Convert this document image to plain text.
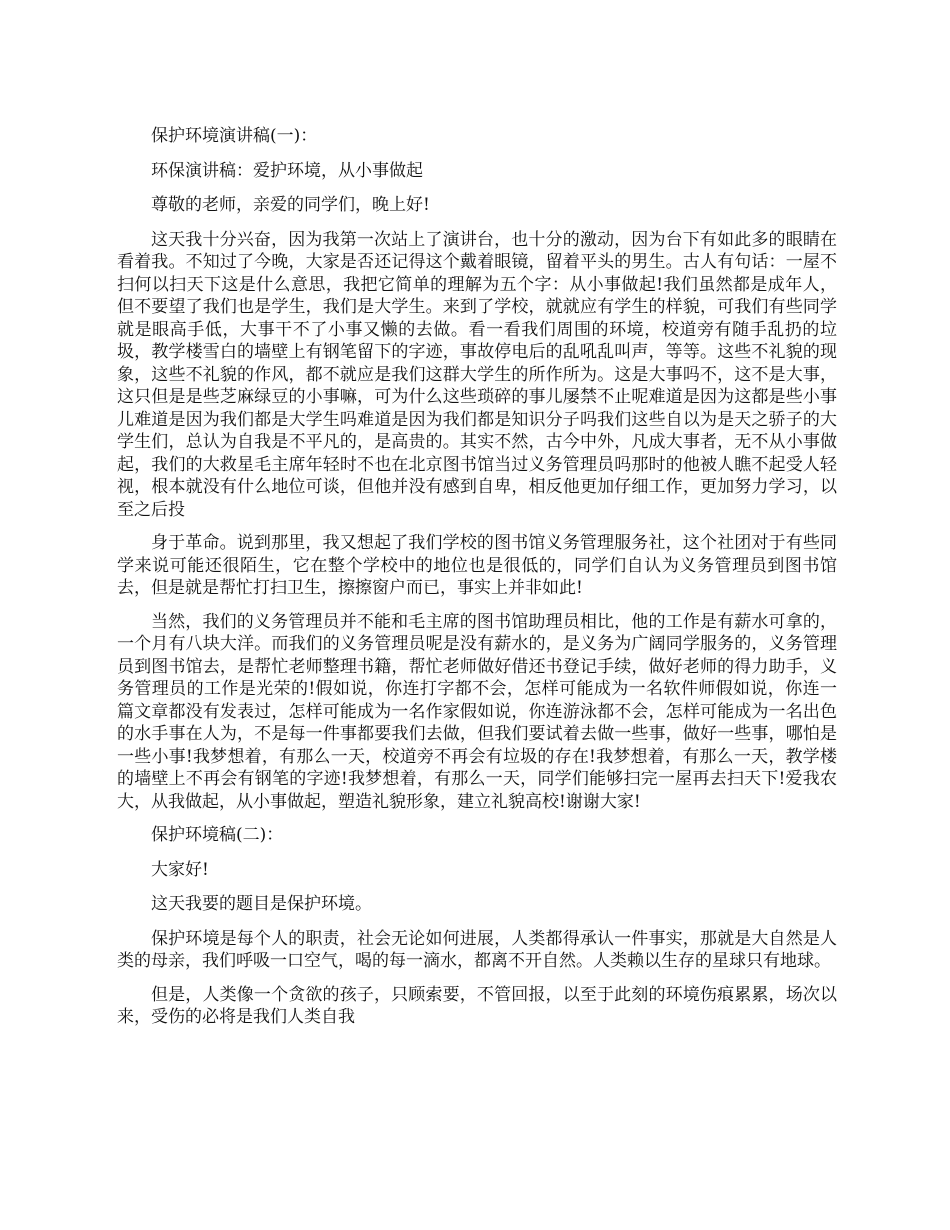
保护环境演讲稿(一)：

环保演讲稿：爱护环境，从小事做起

尊敬的老师，亲爱的同学们，晚上好!

这天我十分兴奋，因为我第一次站上了演讲台，也十分的激动，因为台下有如此多的眼睛在看着我。不知过了今晚，大家是否还记得这个戴着眼镜，留着平头的男生。古人有句话：一屋不扫何以扫天下这是什么意思，我把它简单的理解为五个字：从小事做起!我们虽然都是成年人，但不要望了我们也是学生，我们是大学生。来到了学校，就就应有学生的样貌，可我们有些同学就是眼高手低，大事干不了小事又懒的去做。看一看我们周围的环境，校道旁有随手乱扔的垃圾，教学楼雪白的墙壁上有钢笔留下的字迹，事故停电后的乱吼乱叫声，等等。这些不礼貌的现象，这些不礼貌的作风，都不就应是我们这群大学生的所作所为。这是大事吗不，这不是大事，这只但是是些芝麻绿豆的小事嘛，可为什么这些琐碎的事儿屡禁不止呢难道是因为这都是些小事儿难道是因为我们都是大学生吗难道是因为我们都是知识分子吗我们这些自以为是天之骄子的大学生们，总认为自我是不平凡的，是高贵的。其实不然，古今中外，凡成大事者，无不从小事做起，我们的大救星毛主席年轻时不也在北京图书馆当过义务管理员吗那时的他被人瞧不起受人轻视，根本就没有什么地位可谈，但他并没有感到自卑，相反他更加仔细工作，更加努力学习，以至之后投

身于革命。说到那里，我又想起了我们学校的图书馆义务管理服务社，这个社团对于有些同学来说可能还很陌生，它在整个学校中的地位也是很低的，同学们自认为义务管理员到图书馆去，但是就是帮忙打扫卫生，擦擦窗户而已，事实上并非如此!

当然，我们的义务管理员并不能和毛主席的图书馆助理员相比，他的工作是有薪水可拿的，一个月有八块大洋。而我们的义务管理员呢是没有薪水的，是义务为广阔同学服务的，义务管理员到图书馆去，是帮忙老师整理书籍，帮忙老师做好借还书登记手续，做好老师的得力助手，义务管理员的工作是光荣的!假如说，你连打字都不会，怎样可能成为一名软件师假如说，你连一篇文章都没有发表过，怎样可能成为一名作家假如说，你连游泳都不会，怎样可能成为一名出色的水手事在人为，不是每一件事都要我们去做，但我们要试着去做一些事，做好一些事，哪怕是一些小事!我梦想着，有那么一天，校道旁不再会有垃圾的存在!我梦想着，有那么一天，教学楼的墙壁上不再会有钢笔的字迹!我梦想着，有那么一天，同学们能够扫完一屋再去扫天下!爱我农大，从我做起，从小事做起，塑造礼貌形象，建立礼貌高校!谢谢大家!

保护环境稿(二)：

大家好!

这天我要的题目是保护环境。

保护环境是每个人的职责，社会无论如何进展，人类都得承认一件事实，那就是大自然是人类的母亲，我们呼吸一口空气，喝的每一滴水，都离不开自然。人类赖以生存的星球只有地球。

但是，人类像一个贪欲的孩子，只顾索要，不管回报，以至于此刻的环境伤痕累累，场次以来，受伤的必将是我们人类自我
